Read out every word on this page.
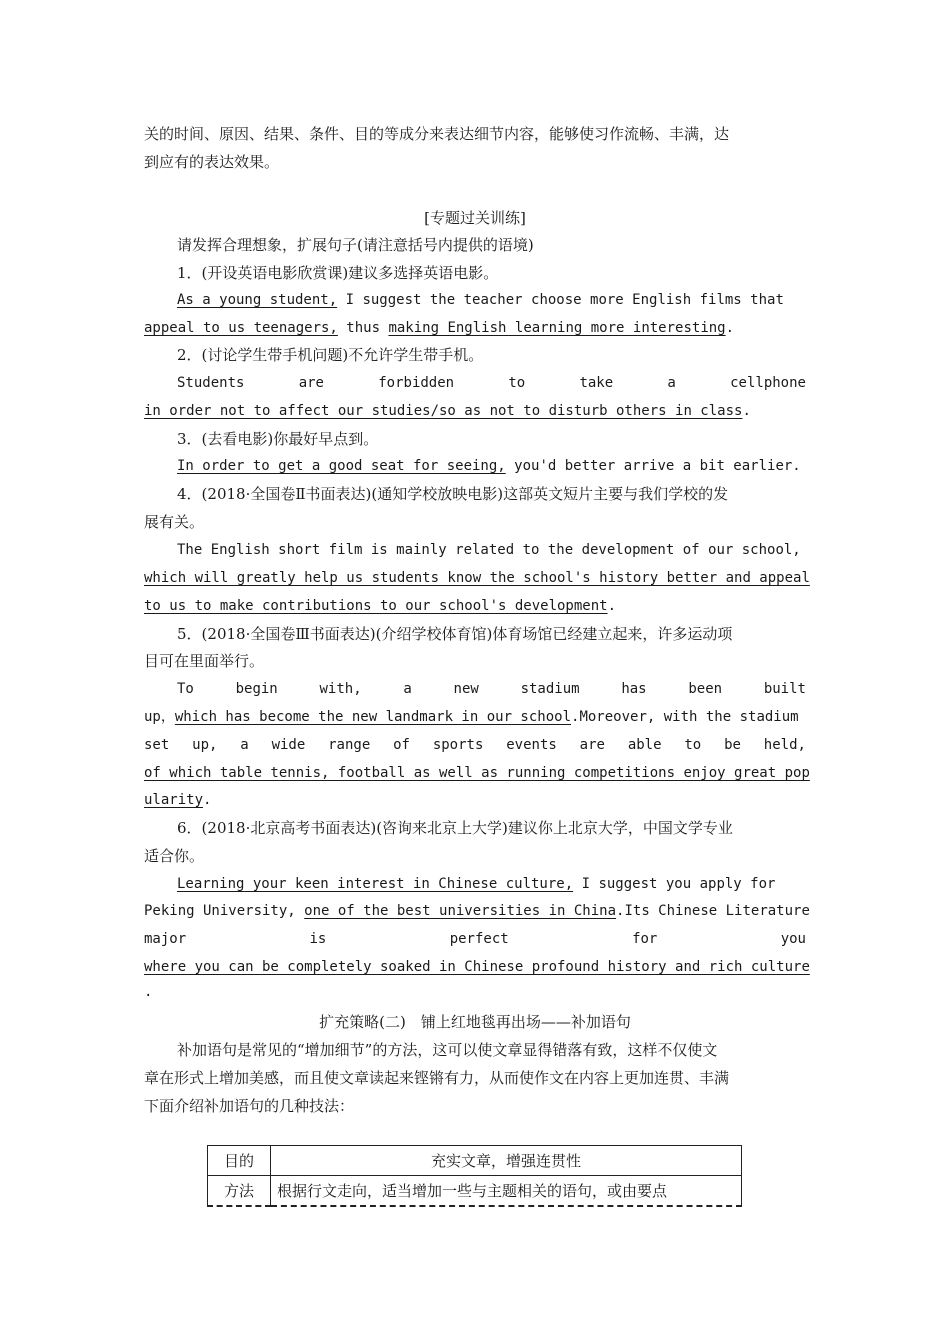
关的时间、原因、结果、条件、目的等成分来表达细节内容，能够使习作流畅、丰满，达
到应有的表达效果。
[专题过关训练]
请发挥合理想象，扩展句子(请注意括号内提供的语境)
1．(开设英语电影欣赏课)建议多选择英语电影。
As a young student, I suggest the teacher choose more English films that
appeal to us teenagers, thus making English learning more interesting.
2．(讨论学生带手机问题)不允许学生带手机。
Students	are	forbidden	to	take	a	cellphone
in order not to affect our studies/so as not to disturb others in class.
3．(去看电影)你最好早点到。
In order to get a good seat for seeing, you'd better arrive a bit earlier.
4．(2018·全国卷Ⅱ书面表达)(通知学校放映电影)这部英文短片主要与我们学校的发
展有关。
The English short film is mainly related to the development of our school,
which will greatly help us students know the school's history better and appeal
to us to make contributions to our school's development.
5．(2018·全国卷Ⅲ书面表达)(介绍学校体育馆)体育场馆已经建立起来，许多运动项
目可在里面举行。
To	begin	with,	a	new	stadium	has	been	built
up，which has become the new landmark in our school.Moreover, with the stadium
set up, a wide range of sports events are able to be held,
of which table tennis, football as well as running competitions enjoy great pop
ularity.
6．(2018·北京高考书面表达)(咨询来北京上大学)建议你上北京大学，中国文学专业
适合你。
Learning your keen interest in Chinese culture, I suggest you apply for
Peking University, one of the best universities in China.Its Chinese Literature
major	is	perfect	for	you
where you can be completely soaked in Chinese profound history and rich culture
.
扩充策略(二)　铺上红地毯再出场——补加语句
补加语句是常见的“增加细节”的方法，这可以使文章显得错落有致，这样不仅使文
章在形式上增加美感，而且使文章读起来铿锵有力，从而使作文在内容上更加连贯、丰满
下面介绍补加语句的几种技法：
目的	充实文章，增强连贯性
方法	根据行文走向，适当增加一些与主题相关的语句，或由要点
